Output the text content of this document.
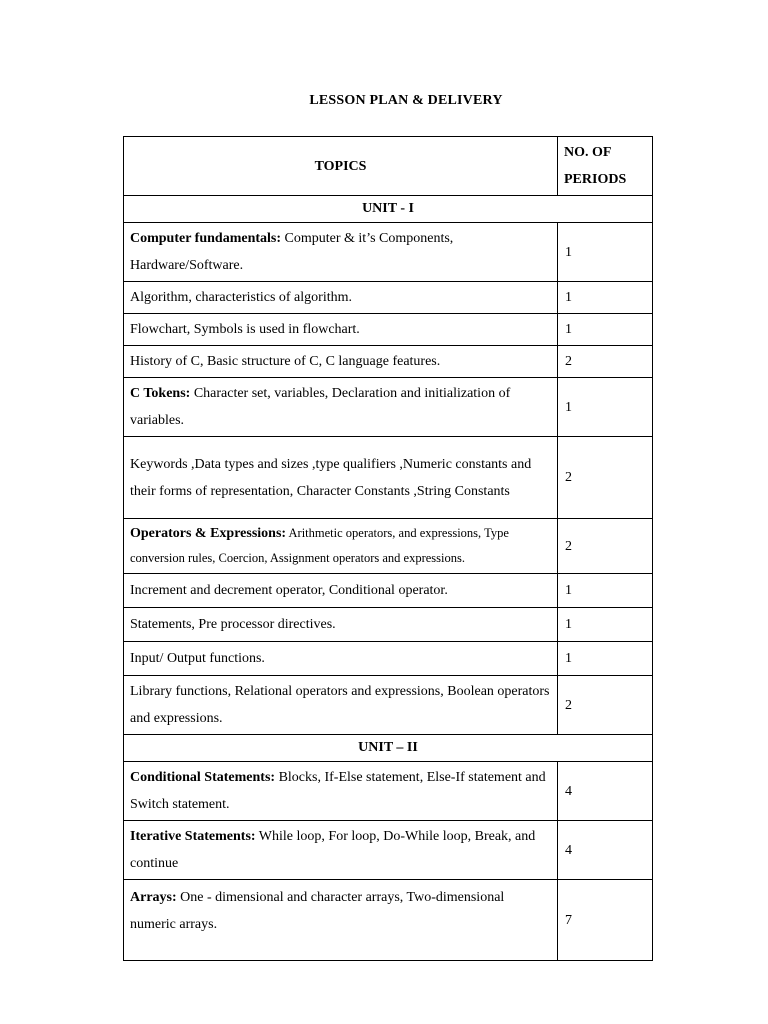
LESSON PLAN & DELIVERY
TOPICS	NO. OF PERIODS
UNIT - I	
Computer fundamentals: Computer & it’s Components, Hardware/Software.	1
Algorithm, characteristics of algorithm.	1
Flowchart, Symbols is used in flowchart.	1
History of C, Basic structure of C, C language features.	2
C Tokens: Character set, variables, Declaration and initialization of variables.	1
Keywords ,Data types and sizes ,type qualifiers ,Numeric constants and their forms of representation, Character Constants ,String Constants	2
Operators & Expressions: Arithmetic operators, and expressions, Type conversion rules, Coercion, Assignment operators and expressions.	2
Increment and decrement operator, Conditional operator.	1
Statements, Pre processor directives.	1
Input/ Output functions.	1
Library functions, Relational operators and expressions, Boolean operators and expressions.	2
UNIT – II	
Conditional Statements: Blocks, If-Else statement, Else-If statement and Switch statement.	4
Iterative Statements: While loop, For loop, Do-While loop, Break, and continue	4
Arrays: One - dimensional and character arrays, Two-dimensional numeric arrays.	7
